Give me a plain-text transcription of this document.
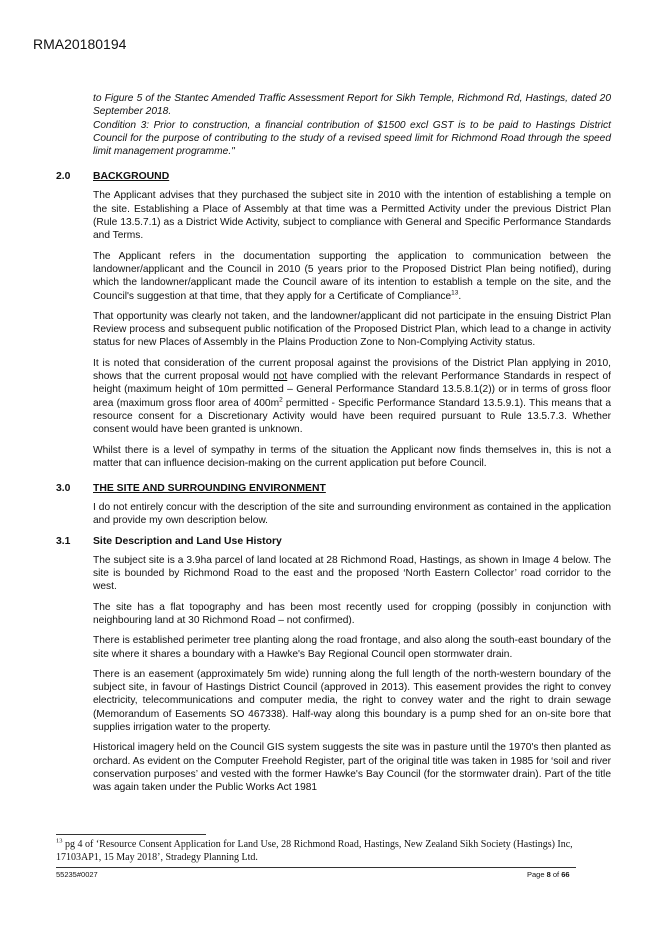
RMA20180194

to Figure 5 of the Stantec Amended Traffic Assessment Report for Sikh Temple, Richmond Rd, Hastings, dated 20 September 2018.

Condition 3: Prior to construction, a financial contribution of $1500 excl GST is to be paid to Hastings District Council for the purpose of contributing to the study of a revised speed limit for Richmond Road through the speed limit management programme."

2.0	BACKGROUND

The Applicant advises that they purchased the subject site in 2010 with the intention of establishing a temple on the site. Establishing a Place of Assembly at that time was a Permitted Activity under the previous District Plan (Rule 13.5.7.1) as a District Wide Activity, subject to compliance with General and Specific Performance Standards and Terms.

The Applicant refers in the documentation supporting the application to communication between the landowner/applicant and the Council in 2010 (5 years prior to the Proposed District Plan being notified), during which the landowner/applicant made the Council aware of its intention to establish a temple on the site, and the Council's suggestion at that time, that they apply for a Certificate of Compliance$^{13}$.

That opportunity was clearly not taken, and the landowner/applicant did not participate in the ensuing District Plan Review process and subsequent public notification of the Proposed District Plan, which lead to a change in activity status for new Places of Assembly in the Plains Production Zone to Non-Complying Activity status.

It is noted that consideration of the current proposal against the provisions of the District Plan applying in 2010, shows that the current proposal would not have complied with the relevant Performance Standards in respect of height (maximum height of 10m permitted – General Performance Standard 13.5.8.1(2)) or in terms of gross floor area (maximum gross floor area of $400m^2$ permitted - Specific Performance Standard 13.5.9.1). This means that a resource consent for a Discretionary Activity would have been required pursuant to Rule 13.5.7.3. Whether consent would have been granted is unknown.

Whilst there is a level of sympathy in terms of the situation the Applicant now finds themselves in, this is not a matter that can influence decision-making on the current application put before Council.

3.0	THE SITE AND SURROUNDING ENVIRONMENT

I do not entirely concur with the description of the site and surrounding environment as contained in the application and provide my own description below.

3.1	Site Description and Land Use History

The subject site is a 3.9ha parcel of land located at 28 Richmond Road, Hastings, as shown in Image 4 below. The site is bounded by Richmond Road to the east and the proposed ‘North Eastern Collector’ road corridor to the west.

The site has a flat topography and has been most recently used for cropping (possibly in conjunction with neighbouring land at 30 Richmond Road – not confirmed).

There is established perimeter tree planting along the road frontage, and also along the south-east boundary of the site where it shares a boundary with a Hawke's Bay Regional Council open stormwater drain.

There is an easement (approximately 5m wide) running along the full length of the north-western boundary of the subject site, in favour of Hastings District Council (approved in 2013). This easement provides the right to convey electricity, telecommunications and computer media, the right to convey water and the right to drain sewage (Memorandum of Easements SO 467338). Half-way along this boundary is a pump shed for an on-site bore that supplies irrigation water to the property.

Historical imagery held on the Council GIS system suggests the site was in pasture until the 1970's then planted as orchard. As evident on the Computer Freehold Register, part of the original title was taken in 1985 for ‘soil and river conservation purposes’ and vested with the former Hawke's Bay Council (for the stormwater drain). Part of the title was again taken under the Public Works Act 1981

$^{13}$ pg 4 of ‘Resource Consent Application for Land Use, 28 Richmond Road, Hastings, New Zealand Sikh Society (Hastings) Inc, 17103AP1, 15 May 2018’, Stradegy Planning Ltd.
55235#0027	Page 8 of 66
